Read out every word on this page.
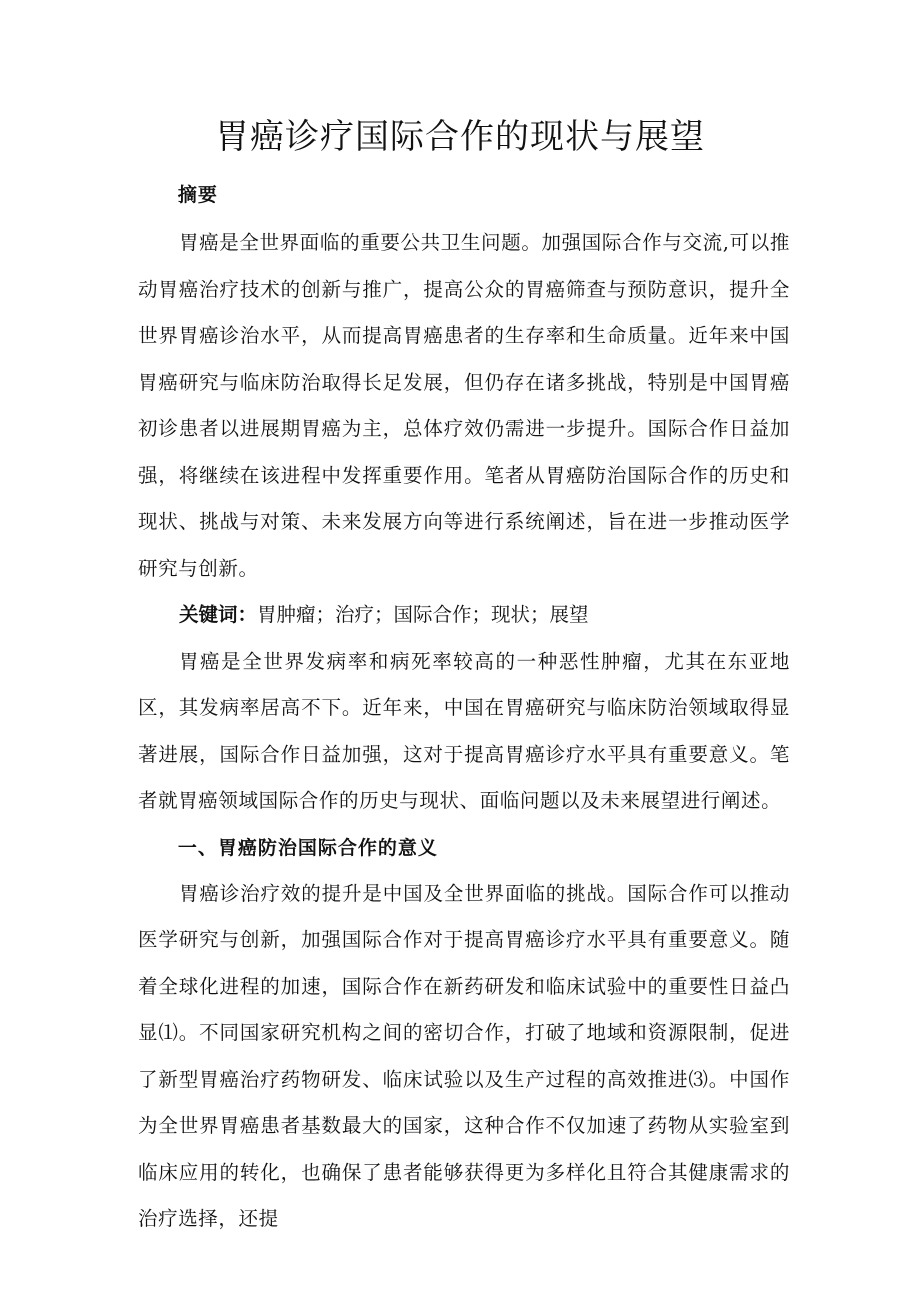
胃癌诊疗国际合作的现状与展望

摘要

胃癌是全世界面临的重要公共卫生问题。加强国际合作与交流,可以推动胃癌治疗技术的创新与推广，提高公众的胃癌筛查与预防意识，提升全世界胃癌诊治水平，从而提高胃癌患者的生存率和生命质量。近年来中国胃癌研究与临床防治取得长足发展，但仍存在诸多挑战，特别是中国胃癌初诊患者以进展期胃癌为主，总体疗效仍需进一步提升。国际合作日益加强，将继续在该进程中发挥重要作用。笔者从胃癌防治国际合作的历史和现状、挑战与对策、未来发展方向等进行系统阐述，旨在进一步推动医学研究与创新。

关键词：胃肿瘤；治疗；国际合作；现状；展望

胃癌是全世界发病率和病死率较高的一种恶性肿瘤，尤其在东亚地区，其发病率居高不下。近年来，中国在胃癌研究与临床防治领域取得显著进展，国际合作日益加强，这对于提高胃癌诊疗水平具有重要意义。笔者就胃癌领域国际合作的历史与现状、面临问题以及未来展望进行阐述。

一、胃癌防治国际合作的意义

胃癌诊治疗效的提升是中国及全世界面临的挑战。国际合作可以推动医学研究与创新，加强国际合作对于提高胃癌诊疗水平具有重要意义。随着全球化进程的加速，国际合作在新药研发和临床试验中的重要性日益凸显⑴。不同国家研究机构之间的密切合作，打破了地域和资源限制，促进了新型胃癌治疗药物研发、临床试验以及生产过程的高效推进⑶。中国作为全世界胃癌患者基数最大的国家，这种合作不仅加速了药物从实验室到临床应用的转化，也确保了患者能够获得更为多样化且符合其健康需求的治疗选择，还提
